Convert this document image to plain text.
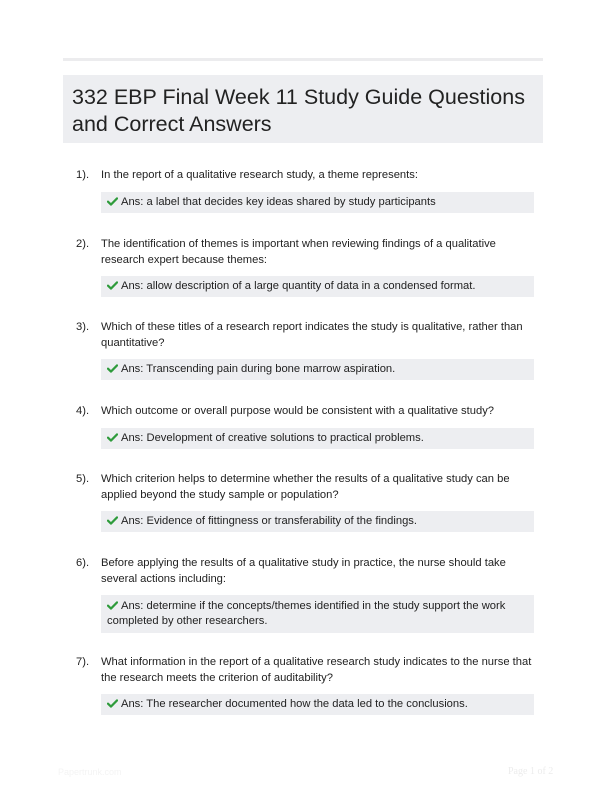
332 EBP Final Week 11 Study Guide Questions and Correct Answers
1). In the report of a qualitative research study, a theme represents:
Ans: a label that decides key ideas shared by study participants
2). The identification of themes is important when reviewing findings of a qualitative research expert because themes:
Ans: allow description of a large quantity of data in a condensed format.
3). Which of these titles of a research report indicates the study is qualitative, rather than quantitative?
Ans: Transcending pain during bone marrow aspiration.
4). Which outcome or overall purpose would be consistent with a qualitative study?
Ans: Development of creative solutions to practical problems.
5). Which criterion helps to determine whether the results of a qualitative study can be applied beyond the study sample or population?
Ans: Evidence of fittingness or transferability of the findings.
6). Before applying the results of a qualitative study in practice, the nurse should take several actions including:
Ans: determine if the concepts/themes identified in the study support the work completed by other researchers.
7). What information in the report of a qualitative research study indicates to the nurse that the research meets the criterion of auditability?
Ans: The researcher documented how the data led to the conclusions.
Papertrunk.com	Page 1 of 2
